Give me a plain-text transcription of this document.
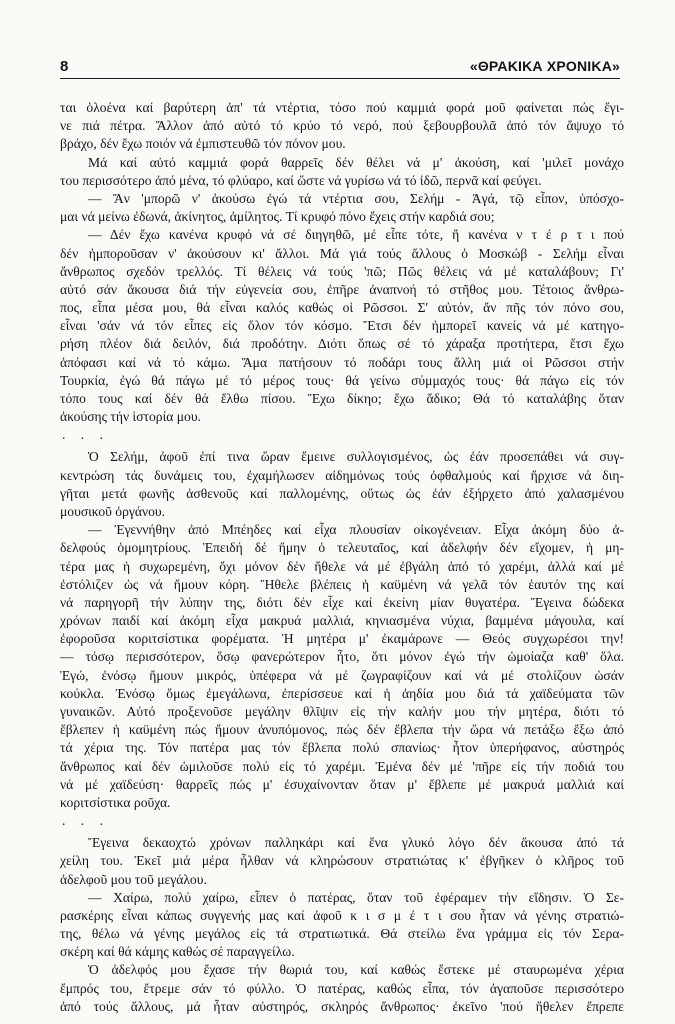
8	«ΘΡΑΚΙΚΑ ΧΡΟΝΙΚΑ»
ται ὁλοένα καί βαρύτερη ἀπ' τά ντέρτια, τόσο πού καμμιά φορά μοῦ φαίνεται πώς ἔγι-
νε πιά πέτρα. Ἄλλον ἀπό αὐτό τό κρύο τό νερό, πού ξεβουρβουλᾶ ἀπό τόν ἄψυχο τό
βράχο, δέν ἔχω ποιόν νά ἐμπιστευθῶ τόν πόνον μου.
Μά καί αὐτό καμμιά φορά θαρρεῖς δέν θέλει νά μ' ἀκούση, καί 'μιλεῖ μονάχο
του περισσότερο ἀπό μένα, τό φλύαρο, καί ὥστε νά γυρίσω νά τό ἰδῶ, περνᾶ καί φεύγει.
— Ἄν 'μπορῶ ν' ἀκούσω ἐγώ τά ντέρτια σου, Σελήμ - Ἀγά, τῷ εἶπον, ὑπόσχο-
μαι νά μείνω ἐδωνά, ἀκίνητος, ἀμίλητος. Τί κρυφό πόνο ἔχεις στήν καρδιά σου;
— Δέν ἔχω κανένα κρυφό νά σέ διηγηθῶ, μέ εἶπε τότε, ἤ κανένα ν τ έ ρ τ ι πού
δέν ἠμποροῦσαν ν' ἀκούσουν κι' ἄλλοι. Μά γιά τούς ἄλλους ὁ Μοσκώβ - Σελήμ εἶναι
ἄνθρωπος σχεδόν τρελλός. Τί θέλεις νά τούς 'πῶ; Πῶς θέλεις νά μέ καταλάβουν; Γι'
αὐτό σάν ἄκουσα διά τήν εὐγενεία σου, ἐπῆρε ἀναπνοή τό στῆθος μου. Τέτοιος ἄνθρω-
πος, εἶπα μέσα μου, θά εἶναι καλός καθώς οἱ Ρῶσσοι. Σ' αὐτόν, ἄν πῆς τόν πόνο σου,
εἶναι 'σάν νά τόν εἶπες εἰς ὅλον τόν κόσμο. Ἔτσι δέν ἠμπορεῖ κανείς νά μέ κατηγο-
ρήση πλέον διά δειλόν, διά προδότην. Διότι ὅπως σέ τό χάραξα προτήτερα, ἔτσι ἔχω
ἀπόφασι καί νά τό κάμω. Ἅμα πατήσουν τό ποδάρι τους ἄλλη μιά οἱ Ρῶσσοι στήν
Τουρκία, ἐγώ θά πάγω μέ τό μέρος τους· θά γείνω σύμμαχός τους· θά πάγω εἰς τόν
τόπο τους καί δέν θά ἔλθω πίσου. Ἔχω δίκηο; ἔχω ἄδικο; Θά τό καταλάβης ὅταν
ἀκούσης τήν ἱστορία μου.
. . .
Ὁ Σελήμ, ἀφοῦ ἐπί τινα ὥραν ἔμεινε συλλογισμένος, ὡς ἐάν προσεπάθει νά συγ-
κεντρώση τάς δυνάμεις του, ἐχαμήλωσεν αἰδημόνως τούς ὀφθαλμούς καί ἤρχισε νά διη-
γῆται μετά φωνῆς ἀσθενοῦς καί παλλομένης, οὕτως ὡς ἐάν ἐξήρχετο ἀπό χαλασμένου
μουσικοῦ ὀργάνου.
— Ἐγεννήθην ἀπό Μπέηδες καί εἶχα πλουσίαν οἰκογένειαν. Εἶχα ἀκόμη δύο ἀ-
δελφούς ὁμομητρίους. Ἐπειδή δέ ἤμην ὁ τελευταῖος, καί ἀδελφήν δέν εἴχομεν, ἡ μη-
τέρα μας ἡ συχωρεμένη, ὄχι μόνον δέν ἤθελε νά μέ ἐβγάλη ἀπό τό χαρέμι, ἀλλά καί μέ
ἐστόλιζεν ὡς νά ἤμουν κόρη. Ἤθελε βλέπεις ἡ καϋμένη νά γελᾶ τόν ἑαυτόν της καί
νά παρηγορῆ τήν λύπην της, διότι δέν εἶχε καί ἐκείνη μίαν θυγατέρα. Ἔγεινα δώδεκα
χρόνων παιδί καί ἀκόμη εἶχα μακρυά μαλλιά, κηνιασμένα νύχια, βαμμένα μάγουλα, καί
ἐφοροῦσα κοριτσίστικα φορέματα. Ἡ μητέρα μ' ἐκαμάρωνε — Θεός συγχωρέσοι την!
— τόσῳ περισσότερον, ὅσῳ φανερώτερον ἦτο, ὅτι μόνον ἐγώ τήν ὡμοίαζα καθ' ὅλα.
Ἐγώ, ἐνόσῳ ἤμουν μικρός, ὑπέφερα νά μέ ζωγραφίζουν καί νά μέ στολίζουν ὡσάν
κούκλα. Ἐνόσῳ ὅμως ἐμεγάλωνα, ἐπερίσσευε καί ἡ ἀηδία μου διά τά χαϊδεύματα τῶν
γυναικῶν. Αὐτό προξενοῦσε μεγάλην θλῖψιν εἰς τήν καλήν μου τήν μητέρα, διότι τό
ἔβλεπεν ἡ καϋμένη πώς ἤμουν ἀνυπόμονος, πώς δέν ἔβλεπα τήν ὥρα νά πετάξω ἔξω ἀπό
τά χέρια της. Τόν πατέρα μας τόν ἔβλεπα πολύ σπανίως· ἦτον ὑπερήφανος, αὐστηρός
ἄνθρωπος καί δέν ὡμιλοῦσε πολύ εἰς τό χαρέμι. Ἐμένα δέν μέ 'πῆρε εἰς τήν ποδιά του
νά μέ χαϊδεύση· θαρρεῖς πώς μ' ἐσυχαίνονταν ὅταν μ' ἔβλεπε μέ μακρυά μαλλιά καί
κοριτσίστικα ροῦχα.
. . .
Ἔγεινα δεκαοχτώ χρόνων παλληκάρι καί ἕνα γλυκό λόγο δέν ἄκουσα ἀπό τά
χείλη του. Ἐκεῖ μιά μέρα ἦλθαν νά κληρώσουν στρατιώτας κ' ἐβγῆκεν ὁ κλῆρος τοῦ
ἀδελφοῦ μου τοῦ μεγάλου.
— Χαίρω, πολύ χαίρω, εἶπεν ὁ πατέρας, ὅταν τοῦ ἐφέραμεν τήν εἴδησιν. Ὁ Σε-
ρασκέρης εἶναι κάπως συγγενής μας καί ἀφοῦ κ ι σ μ έ τ ι σου ἦταν νά γένης στρατιώ-
της, θέλω νά γένης μεγάλος εἰς τά στρατιωτικά. Θά στείλω ἕνα γράμμα εἰς τόν Σερα-
σκέρη καί θά κάμης καθώς σέ παραγγείλω.
Ὁ ἀδελφός μου ἔχασε τήν θωριά του, καί καθώς ἔστεκε μέ σταυρωμένα χέρια
ἔμπρός του, ἔτρεμε σάν τό φύλλο. Ὁ πατέρας, καθώς εἶπα, τόν ἀγαποῦσε περισσότερο
ἀπό τούς ἄλλους, μά ἦταν αὐστηρός, σκληρός ἄνθρωπος· ἐκεῖνο 'πού ἤθελεν ἔπρεπε
